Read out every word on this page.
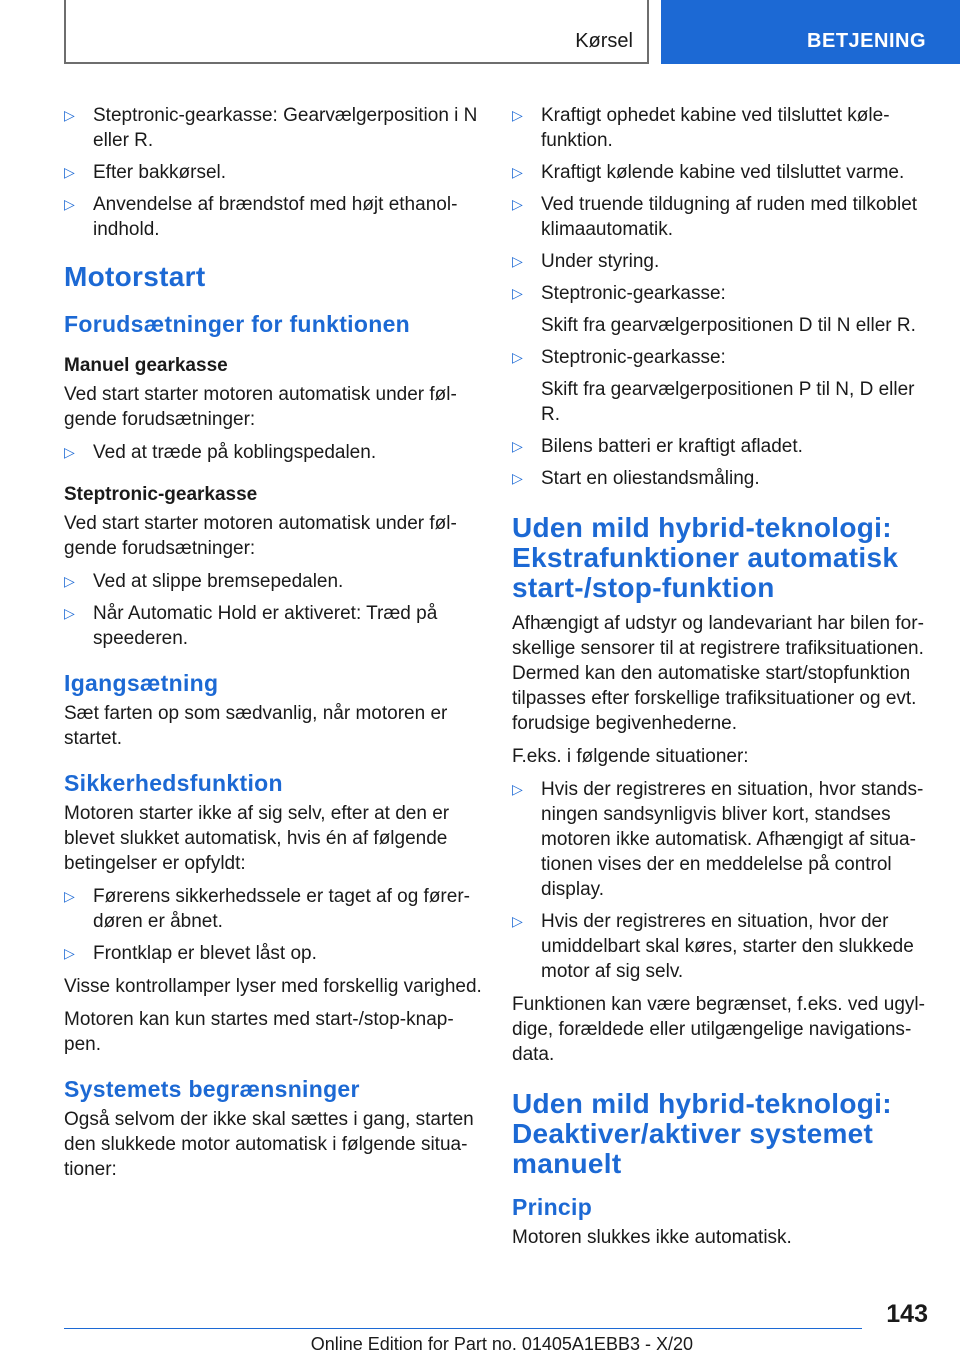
Kørsel	BETJENING
▷ Steptronic-gearkasse: Gearvælgerposition i N eller R.
▷ Efter bakkørsel.
▷ Anvendelse af brændstof med højt ethanolindhold.
Motorstart
Forudsætninger for funktionen
Manuel gearkasse

Ved start starter motoren automatisk under følgende forudsætninger:

▷ Ved at træde på koblingspedalen.
Steptronic-gearkasse

Ved start starter motoren automatisk under følgende forudsætninger:

▷ Ved at slippe bremsepedalen.
▷ Når Automatic Hold er aktiveret: Træd på speederen.
Igangsætning

Sæt farten op som sædvanlig, når motoren er startet.

Sikkerhedsfunktion

Motoren starter ikke af sig selv, efter at den er blevet slukket automatisk, hvis én af følgende betingelser er opfyldt:

▷ Førerens sikkerhedssele er taget af og førerdøren er åbnet.
▷ Frontklap er blevet låst op.

Visse kontrollamper lyser med forskellig varighed.

Motoren kan kun startes med start-/stop-knappen.

Systemets begrænsninger

Også selvom der ikke skal sættes i gang, starten den slukkede motor automatisk i følgende situationer:

▷ Kraftigt ophedet kabine ved tilsluttet kølefunktion.
▷ Kraftigt kølende kabine ved tilsluttet varme.
▷ Ved truende tildugning af ruden med tilkoblet klimaautomatik.
▷ Under styring.
▷ Steptronic-gearkasse:
Skift fra gearvælgerpositionen D til N eller R.
▷ Steptronic-gearkasse:
Skift fra gearvælgerpositionen P til N, D eller R.
▷ Bilens batteri er kraftigt afladet.
▷ Start en oliestandsmåling.
Uden mild hybrid-teknologi: Ekstrafunktioner automatisk start-/stop-funktion

Afhængigt af udstyr og landevariant har bilen forskellige sensorer til at registrere trafiksituationen. Dermed kan den automatiske start/stopfunktion tilpasses efter forskellige trafiksituationer og evt. forudsige begivenhederne.

F.eks. i følgende situationer:

▷ Hvis der registreres en situation, hvor standsningen sandsynligvis bliver kort, standses motoren ikke automatisk. Afhængigt af situationen vises der en meddelelse på control display.
▷ Hvis der registreres en situation, hvor der umiddelbart skal køres, starter den slukkede motor af sig selv.

Funktionen kan være begrænset, f.eks. ved ugyldige, forældede eller utilgængelige navigationsdata.

Uden mild hybrid-teknologi: Deaktiver/aktiver systemet manuelt
Princip

Motoren slukkes ikke automatisk.

143
Online Edition for Part no. 01405A1EBB3 - X/20
